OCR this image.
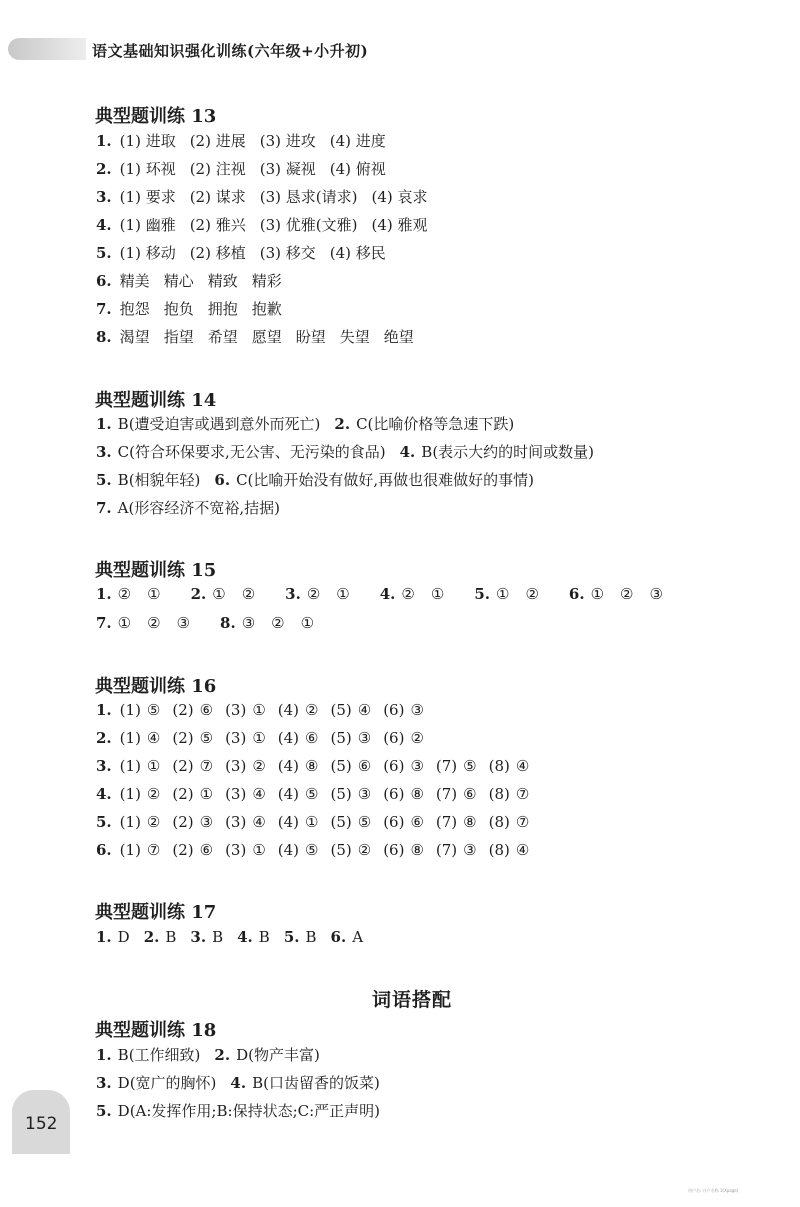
语文基础知识强化训练(六年级+小升初)
典型题训练 13
1. (1) 进取 (2) 进展 (3) 进攻 (4) 进度
2. (1) 环视 (2) 注视 (3) 凝视 (4) 俯视
3. (1) 要求 (2) 谋求 (3) 恳求(请求) (4) 哀求
4. (1) 幽雅 (2) 雅兴 (3) 优雅(文雅) (4) 雅观
5. (1) 移动 (2) 移植 (3) 移交 (4) 移民
6. 精美 精心 精致 精彩
7. 抱怨 抱负 拥抱 抱歉
8. 渴望 指望 希望 愿望 盼望 失望 绝望
典型题训练 14
1. B(遭受迫害或遇到意外而死亡) 2. C(比喻价格等急速下跌)
3. C(符合环保要求,无公害、无污染的食品) 4. B(表示大约的时间或数量)
5. B(相貌年轻) 6. C(比喻开始没有做好,再做也很难做好的事情)
7. A(形容经济不宽裕,拮据)
典型题训练 15
1. ② ① 2. ① ② 3. ② ① 4. ② ① 5. ① ② 6. ① ② ③
7. ① ② ③ 8. ③ ② ①
典型题训练 16
1. (1) ⑤ (2) ⑥ (3) ① (4) ② (5) ④ (6) ③
2. (1) ④ (2) ⑤ (3) ① (4) ⑥ (5) ③ (6) ②
3. (1) ① (2) ⑦ (3) ② (4) ⑧ (5) ⑥ (6) ③ (7) ⑤ (8) ④
4. (1) ② (2) ① (3) ④ (4) ⑤ (5) ③ (6) ⑧ (7) ⑥ (8) ⑦
5. (1) ② (2) ③ (3) ④ (4) ① (5) ⑤ (6) ⑥ (7) ⑧ (8) ⑦
6. (1) ⑦ (2) ⑥ (3) ① (4) ⑤ (5) ② (6) ⑧ (7) ③ (8) ④
典型题训练 17
1. D 2. B 3. B 4. B 5. B 6. A
词语搭配
典型题训练 18
1. B(工作细致) 2. D(物产丰富)
3. D(宽广的胸怀) 4. B(口齿留香的饭菜)
5. D(A:发挥作用;B:保持状态;C:严正声明)
152
用户名: 开户名称 1(Xpage)
